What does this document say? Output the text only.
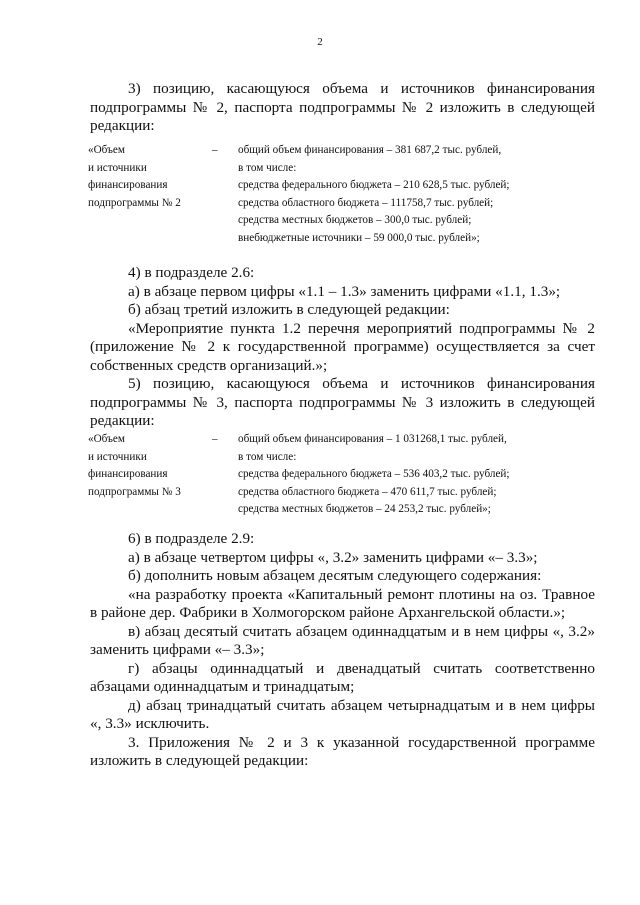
2

3) позицию, касающуюся объема и источников финансирования подпрограммы № 2, паспорта подпрограммы № 2 изложить в следующей редакции:

«Объем
и источники
финансирования
подпрограммы № 2
– общий объем финансирования – 381 687,2 тыс. рублей,
в том числе:
средства федерального бюджета – 210 628,5 тыс. рублей;
средства областного бюджета – 111758,7 тыс. рублей;
средства местных бюджетов – 300,0 тыс. рублей;
внебюджетные источники – 59 000,0 тыс. рублей»;

4) в подразделе 2.6:

а) в абзаце первом цифры «1.1 – 1.3» заменить цифрами «1.1, 1.3»;

б) абзац третий изложить в следующей редакции:

«Мероприятие пункта 1.2 перечня мероприятий подпрограммы № 2 (приложение № 2 к государственной программе) осуществляется за счет собственных средств организаций.»;

5) позицию, касающуюся объема и источников финансирования подпрограммы № 3, паспорта подпрограммы № 3 изложить в следующей редакции:

«Объем
и источники
финансирования
подпрограммы № 3
– общий объем финансирования – 1 031268,1 тыс. рублей,
в том числе:
средства федерального бюджета – 536 403,2 тыс. рублей;
средства областного бюджета – 470 611,7 тыс. рублей;
средства местных бюджетов – 24 253,2 тыс. рублей»;

6) в подразделе 2.9:

а) в абзаце четвертом цифры «, 3.2» заменить цифрами «– 3.3»;

б) дополнить новым абзацем десятым следующего содержания:

«на разработку проекта «Капитальный ремонт плотины на оз. Травное в районе дер. Фабрики в Холмогорском районе Архангельской области.»;

в) абзац десятый считать абзацем одиннадцатым и в нем цифры «, 3.2» заменить цифрами «– 3.3»;

г) абзацы одиннадцатый и двенадцатый считать соответственно абзацами одиннадцатым и тринадцатым;

д) абзац тринадцатый считать абзацем четырнадцатым и в нем цифры «, 3.3» исключить.

3. Приложения № 2 и 3 к указанной государственной программе изложить в следующей редакции:
